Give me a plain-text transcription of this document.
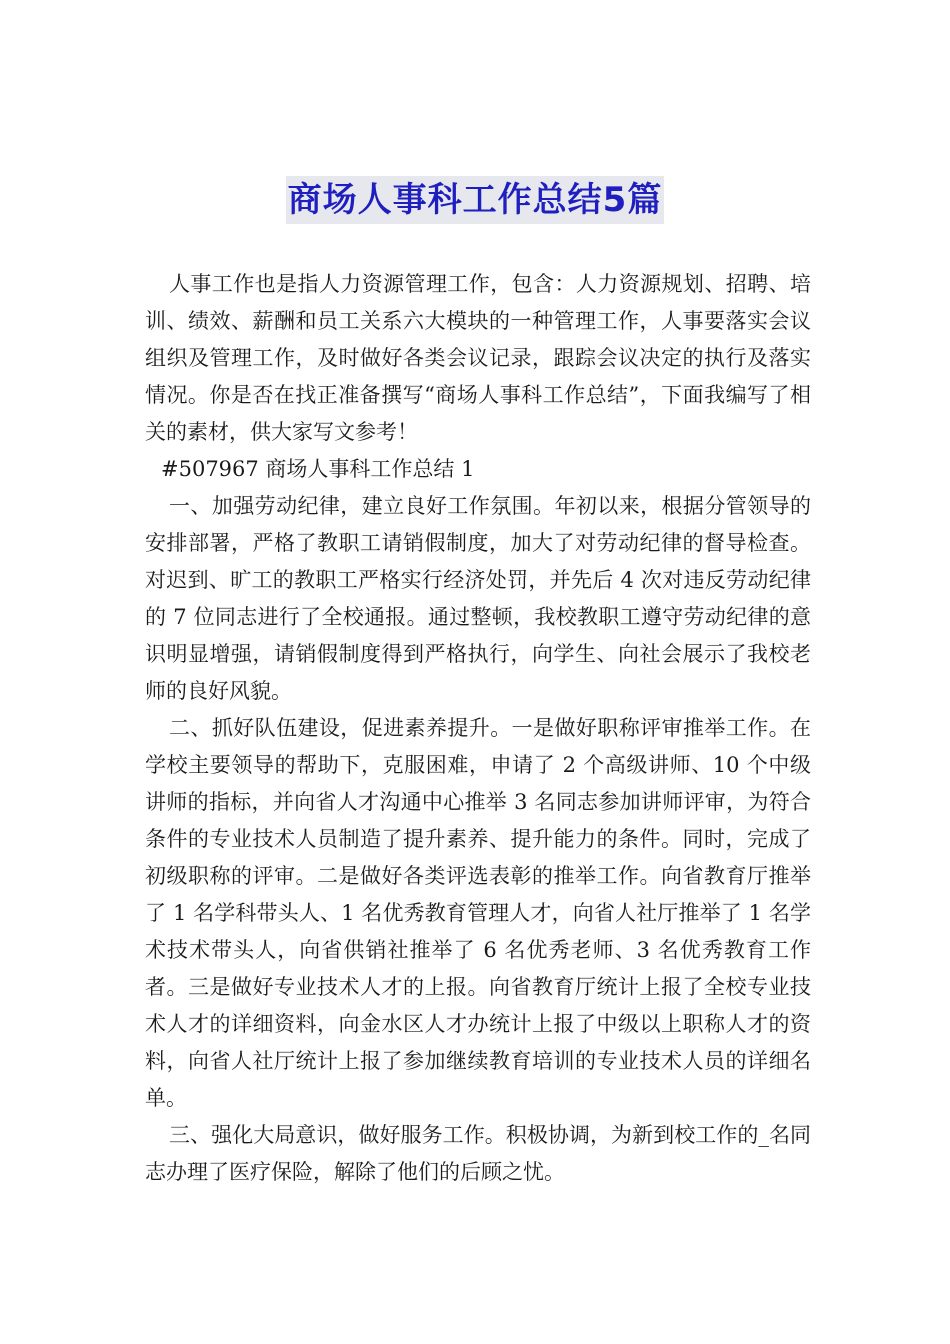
商场人事科工作总结5篇

人事工作也是指人力资源管理工作，包含：人力资源规划、招聘、培训、绩效、薪酬和员工关系六大模块的一种管理工作，人事要落实会议组织及管理工作，及时做好各类会议记录，跟踪会议决定的执行及落实情况。你是否在找正准备撰写“商场人事科工作总结”，下面我编写了相关的素材，供大家写文参考！

#507967 商场人事科工作总结 1

一、加强劳动纪律，建立良好工作氛围。年初以来，根据分管领导的安排部署，严格了教职工请销假制度，加大了对劳动纪律的督导检查。对迟到、旷工的教职工严格实行经济处罚，并先后 4 次对违反劳动纪律的 7 位同志进行了全校通报。通过整顿，我校教职工遵守劳动纪律的意识明显增强，请销假制度得到严格执行，向学生、向社会展示了我校老师的良好风貌。

二、抓好队伍建设，促进素养提升。一是做好职称评审推举工作。在学校主要领导的帮助下，克服困难，申请了 2 个高级讲师、10 个中级讲师的指标，并向省人才沟通中心推举 3 名同志参加讲师评审，为符合条件的专业技术人员制造了提升素养、提升能力的条件。同时，完成了初级职称的评审。二是做好各类评选表彰的推举工作。向省教育厅推举了 1 名学科带头人、1 名优秀教育管理人才，向省人社厅推举了 1 名学术技术带头人，向省供销社推举了 6 名优秀老师、3 名优秀教育工作者。三是做好专业技术人才的上报。向省教育厅统计上报了全校专业技术人才的详细资料，向金水区人才办统计上报了中级以上职称人才的资料，向省人社厅统计上报了参加继续教育培训的专业技术人员的详细名单。

三、强化大局意识，做好服务工作。积极协调，为新到校工作的_名同志办理了医疗保险，解除了他们的后顾之忧。
